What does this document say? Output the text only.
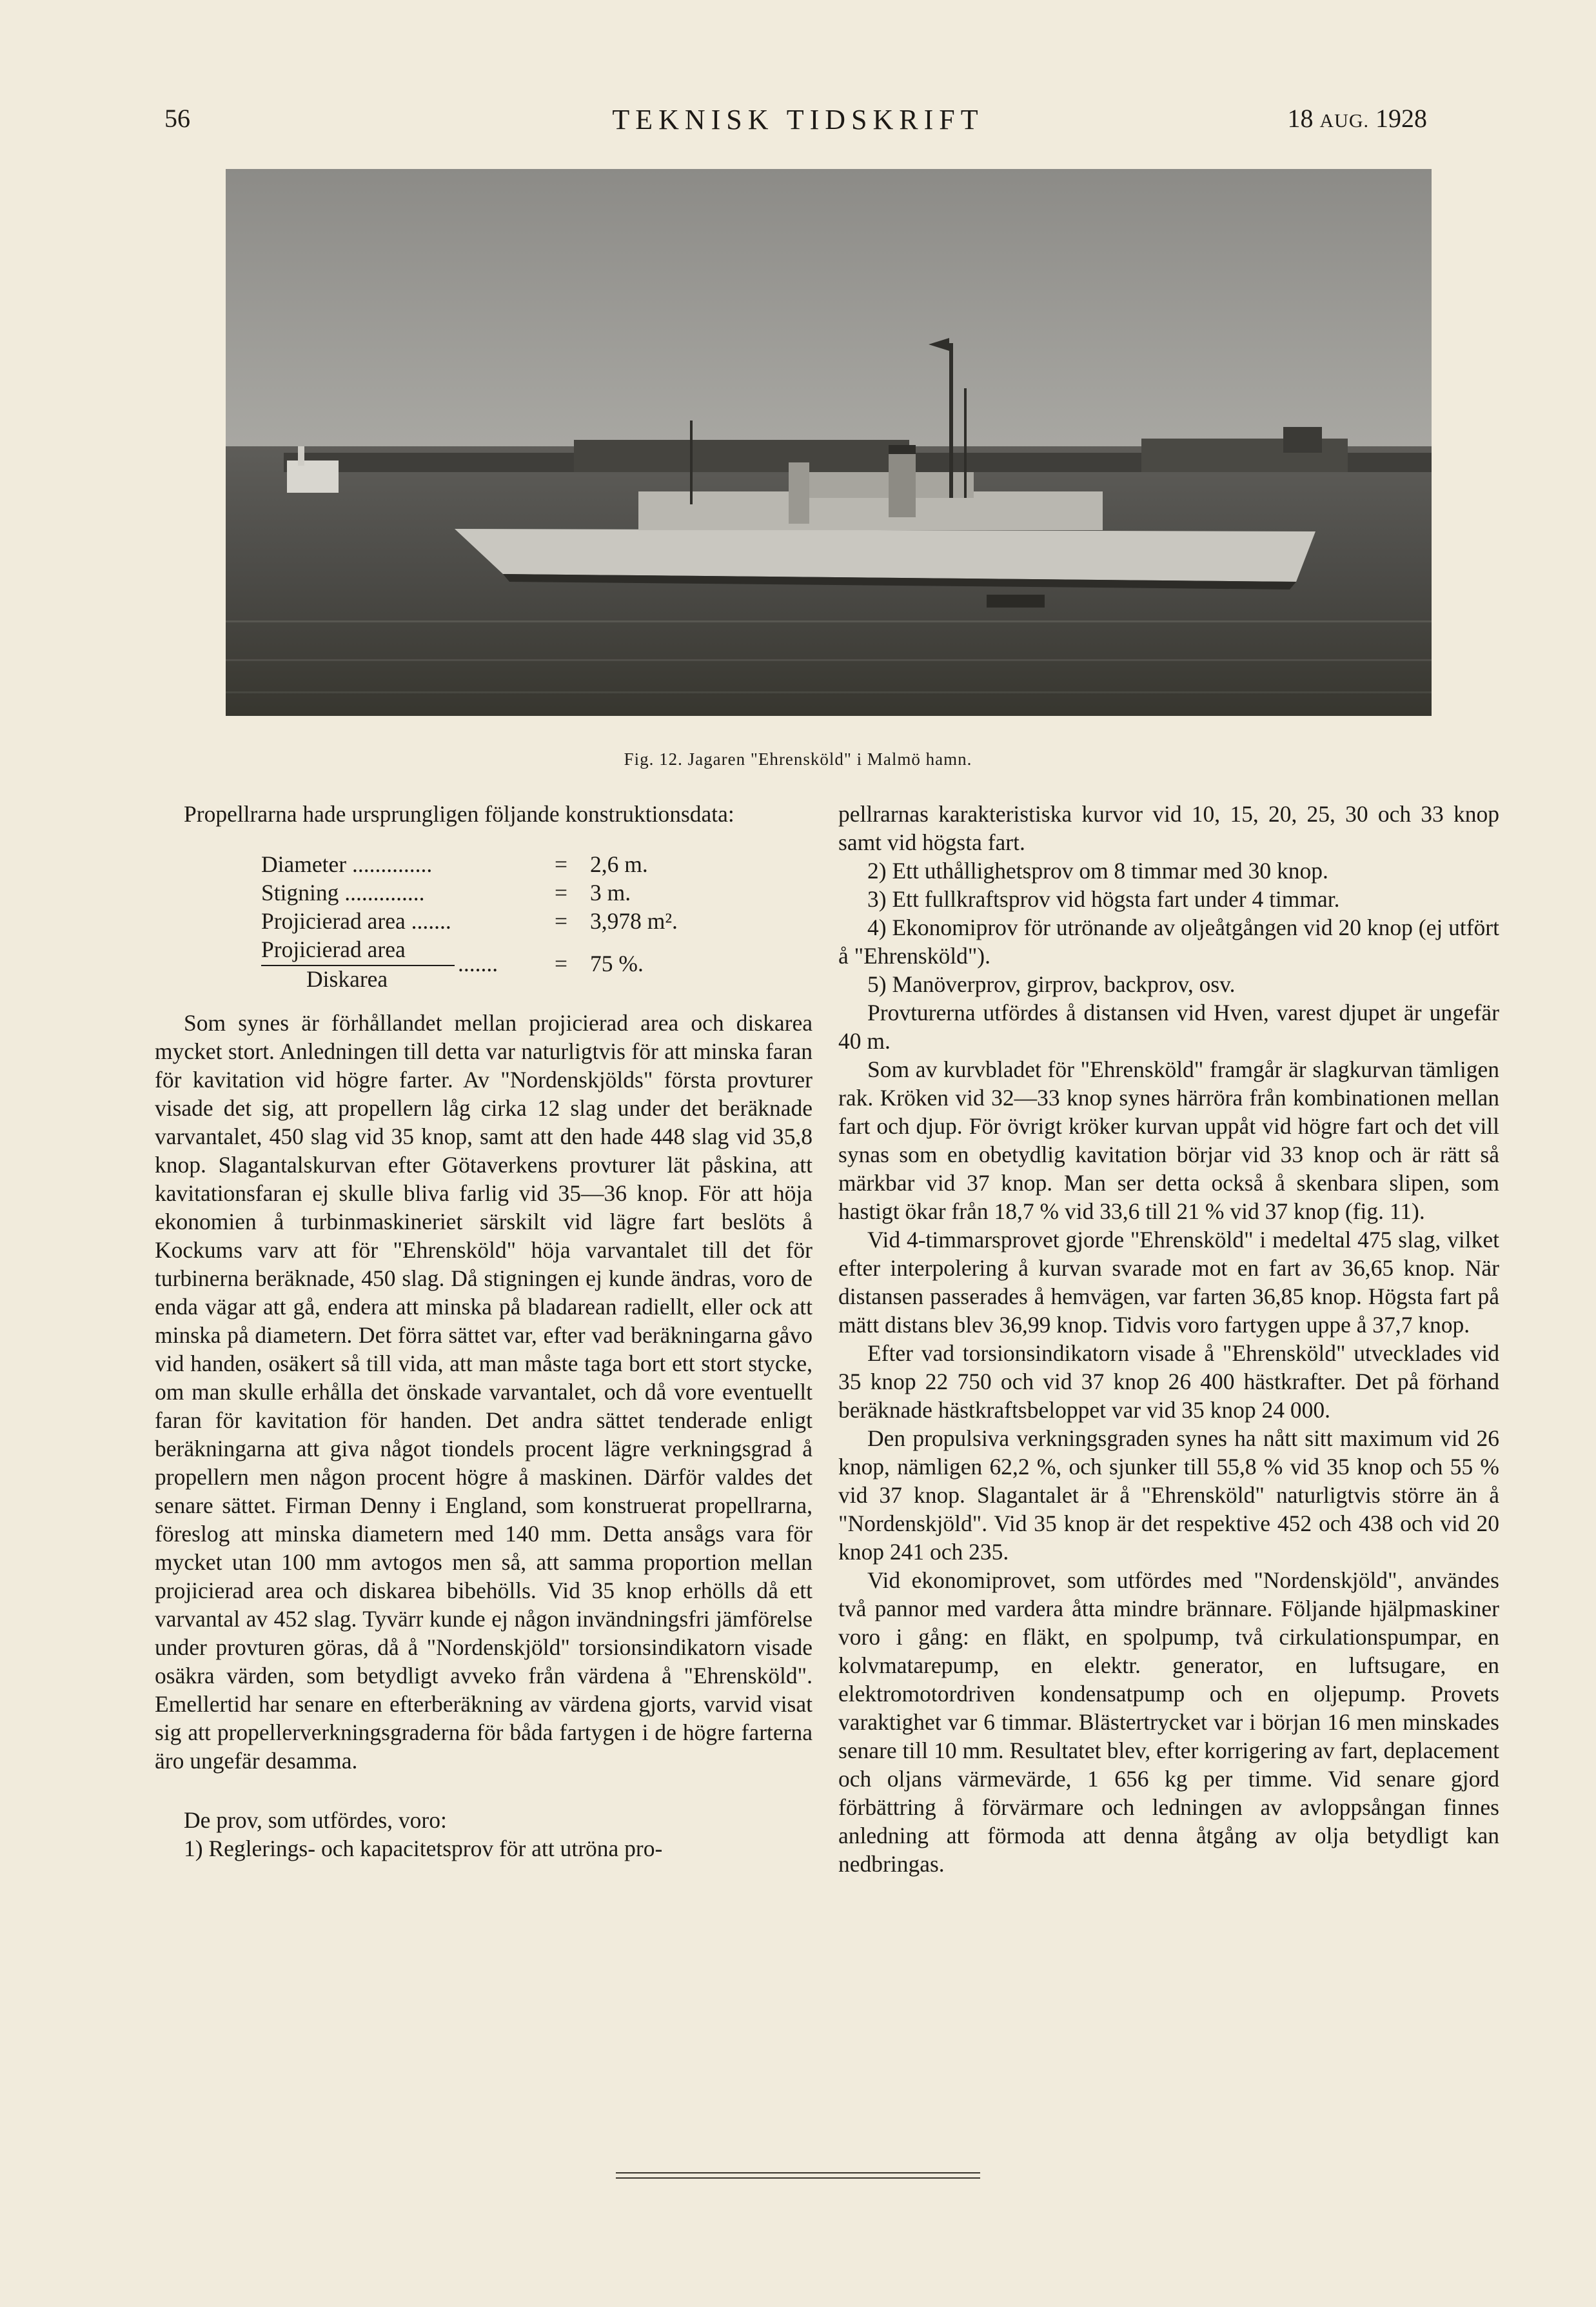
56	TEKNISK TIDSKRIFT	18 AUG. 1928
Fig. 12. Jagaren "Ehrensköld" i Malmö hamn.

Propellrarna hade ursprungligen följande konstruktionsdata:

Diameter ..............	= 2,6 m.
Stigning ..............	= 3 m.
Projicierad area .......	= 3,978 m².
Projicierad area
Diskarea
....... = 75 %.

Som synes är förhållandet mellan projicierad area och diskarea mycket stort. Anledningen till detta var naturligtvis för att minska faran för kavitation vid högre farter. Av "Nordenskjölds" första provturer visade det sig, att propellern låg cirka 12 slag under det beräknade varvantalet, 450 slag vid 35 knop, samt att den hade 448 slag vid 35,8 knop. Slagantalskurvan efter Götaverkens provturer lät påskina, att kavitationsfaran ej skulle bliva farlig vid 35—36 knop. För att höja ekonomien å turbinmaskineriet särskilt vid lägre fart beslöts å Kockums varv att för "Ehrensköld" höja varvantalet till det för turbinerna beräknade, 450 slag. Då stigningen ej kunde ändras, voro de enda vägar att gå, endera att minska på bladarean radiellt, eller ock att minska på diametern. Det förra sättet var, efter vad beräkningarna gåvo vid handen, osäkert så till vida, att man måste taga bort ett stort stycke, om man skulle erhålla det önskade varvantalet, och då vore eventuellt faran för kavitation för handen. Det andra sättet tenderade enligt beräkningarna att giva något tiondels procent lägre verkningsgrad å propellern men någon procent högre å maskinen. Därför valdes det senare sättet. Firman Denny i England, som konstruerat propellrarna, föreslog att minska diametern med 140 mm. Detta ansågs vara för mycket utan 100 mm avtogos men så, att samma proportion mellan projicierad area och diskarea bibehölls. Vid 35 knop erhölls då ett varvantal av 452 slag. Tyvärr kunde ej någon invändningsfri jämförelse under provturen göras, då å "Nordenskjöld" torsionsindikatorn visade osäkra värden, som betydligt avveko från värdena å "Ehrensköld". Emellertid har senare en efterberäkning av värdena gjorts, varvid visat sig att propellerverkningsgraderna för båda fartygen i de högre farterna äro ungefär desamma.

De prov, som utfördes, voro:

1) Reglerings- och kapacitetsprov för att utröna pro-

pellrarnas karakteristiska kurvor vid 10, 15, 20, 25, 30 och 33 knop samt vid högsta fart.

2) Ett uthållighetsprov om 8 timmar med 30 knop.

3) Ett fullkraftsprov vid högsta fart under 4 timmar.

4) Ekonomiprov för utrönande av oljeåtgången vid 20 knop (ej utfört å "Ehrensköld").

5) Manöverprov, girprov, backprov, osv.

Provturerna utfördes å distansen vid Hven, varest djupet är ungefär 40 m.

Som av kurvbladet för "Ehrensköld" framgår är slagkurvan tämligen rak. Kröken vid 32—33 knop synes härröra från kombinationen mellan fart och djup. För övrigt kröker kurvan uppåt vid högre fart och det vill synas som en obetydlig kavitation börjar vid 33 knop och är rätt så märkbar vid 37 knop. Man ser detta också å skenbara slipen, som hastigt ökar från 18,7 % vid 33,6 till 21 % vid 37 knop (fig. 11).

Vid 4-timmarsprovet gjorde "Ehrensköld" i medeltal 475 slag, vilket efter interpolering å kurvan svarade mot en fart av 36,65 knop. När distansen passerades å hemvägen, var farten 36,85 knop. Högsta fart på mätt distans blev 36,99 knop. Tidvis voro fartygen uppe å 37,7 knop.

Efter vad torsionsindikatorn visade å "Ehrensköld" utvecklades vid 35 knop 22 750 och vid 37 knop 26 400 hästkrafter. Det på förhand beräknade hästkraftsbeloppet var vid 35 knop 24 000.

Den propulsiva verkningsgraden synes ha nått sitt maximum vid 26 knop, nämligen 62,2 %, och sjunker till 55,8 % vid 35 knop och 55 % vid 37 knop. Slagantalet är å "Ehrensköld" naturligtvis större än å "Nordenskjöld". Vid 35 knop är det respektive 452 och 438 och vid 20 knop 241 och 235.

Vid ekonomiprovet, som utfördes med "Nordenskjöld", användes två pannor med vardera åtta mindre brännare. Följande hjälpmaskiner voro i gång: en fläkt, en spolpump, två cirkulationspumpar, en kolvmatarepump, en elektr. generator, en luftsugare, en elektromotordriven kondensatpump och en oljepump. Provets varaktighet var 6 timmar. Blästertrycket var i början 16 men minskades senare till 10 mm. Resultatet blev, efter korrigering av fart, deplacement och oljans värmevärde, 1 656 kg per timme. Vid senare gjord förbättring å förvärmare och ledningen av avloppsångan finnes anledning att förmoda att denna åtgång av olja betydligt kan nedbringas.
